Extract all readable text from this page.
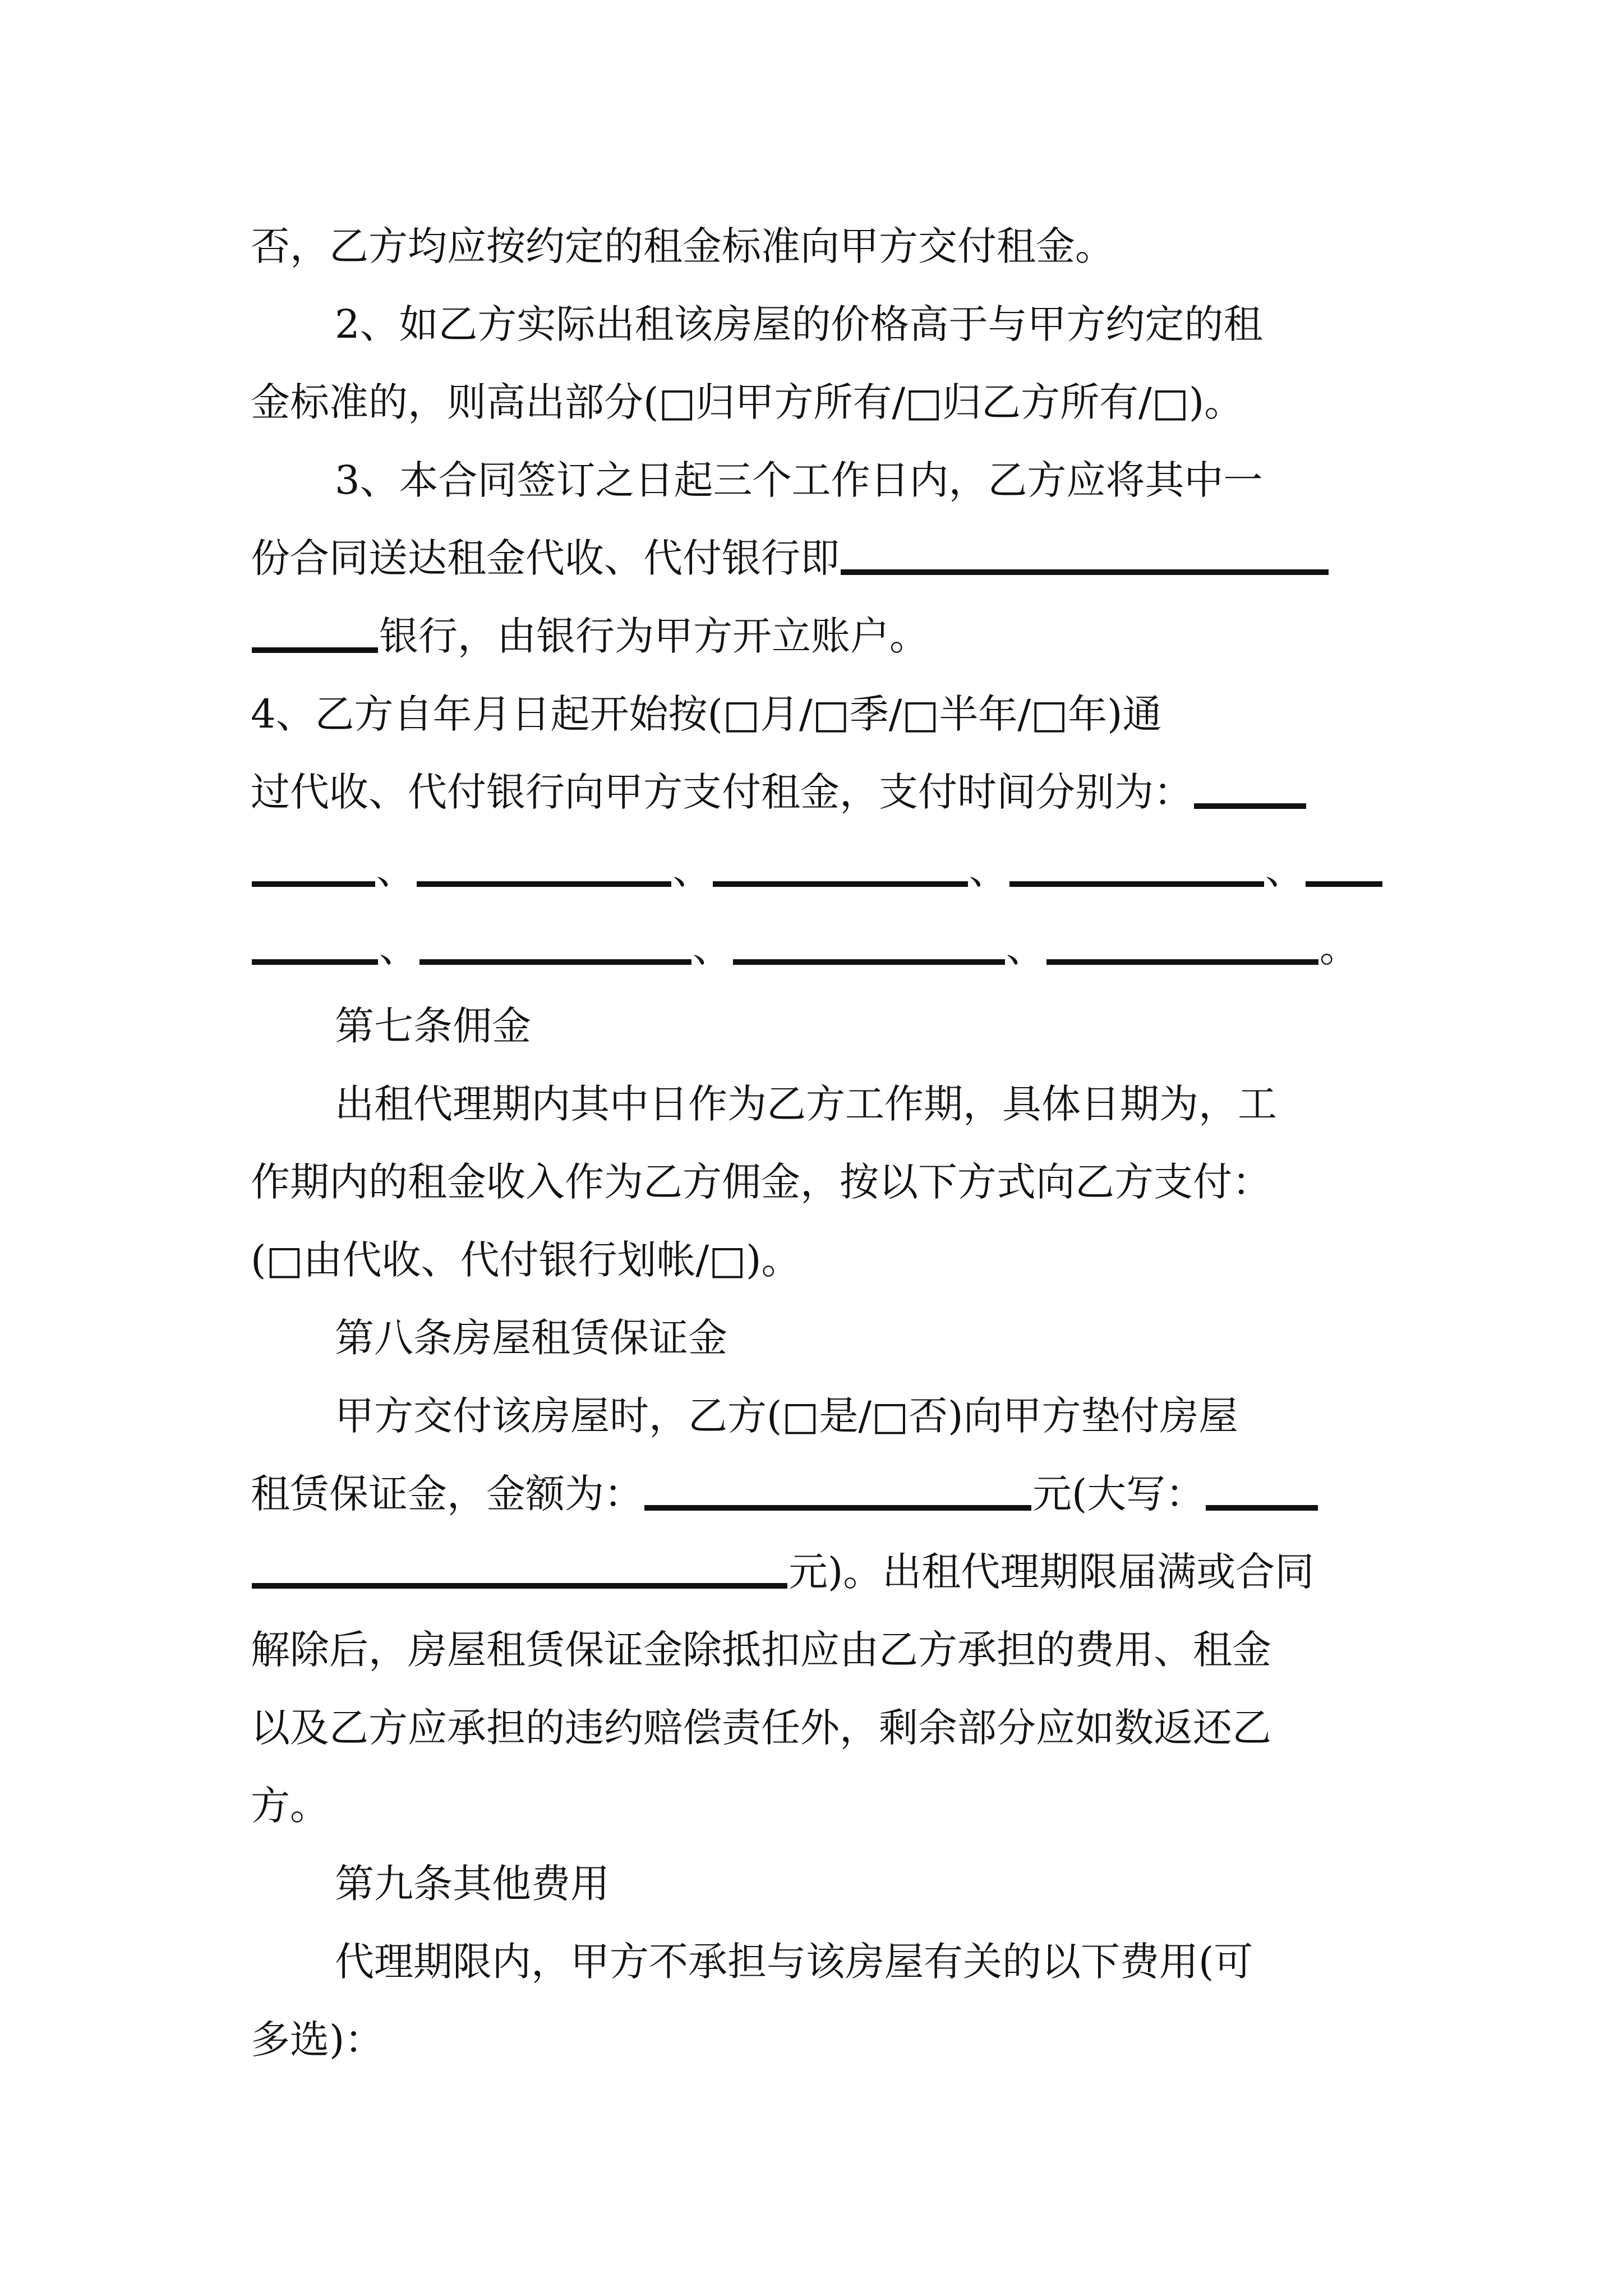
否，乙方均应按约定的租金标准向甲方交付租金。
2、如乙方实际出租该房屋的价格高于与甲方约定的租
金标准的，则高出部分(□归甲方所有/□归乙方所有/□)。
3、本合同签订之日起三个工作日内，乙方应将其中一
份合同送达租金代收、代付银行即
银行，由银行为甲方开立账户。
4、乙方自年月日起开始按(□月/□季/□半年/□年)通
过代收、代付银行向甲方支付租金，支付时间分别为：
、	、	、	、
、	、	、	。
第七条佣金
出租代理期内其中日作为乙方工作期，具体日期为，工
作期内的租金收入作为乙方佣金，按以下方式向乙方支付：
(□由代收、代付银行划帐/□)。
第八条房屋租赁保证金
甲方交付该房屋时，乙方(□是/□否)向甲方垫付房屋
租赁保证金，金额为：	元(大写：
元)。出租代理期限届满或合同
解除后，房屋租赁保证金除抵扣应由乙方承担的费用、租金
以及乙方应承担的违约赔偿责任外，剩余部分应如数返还乙
方。
第九条其他费用
代理期限内，甲方不承担与该房屋有关的以下费用(可
多选)：
